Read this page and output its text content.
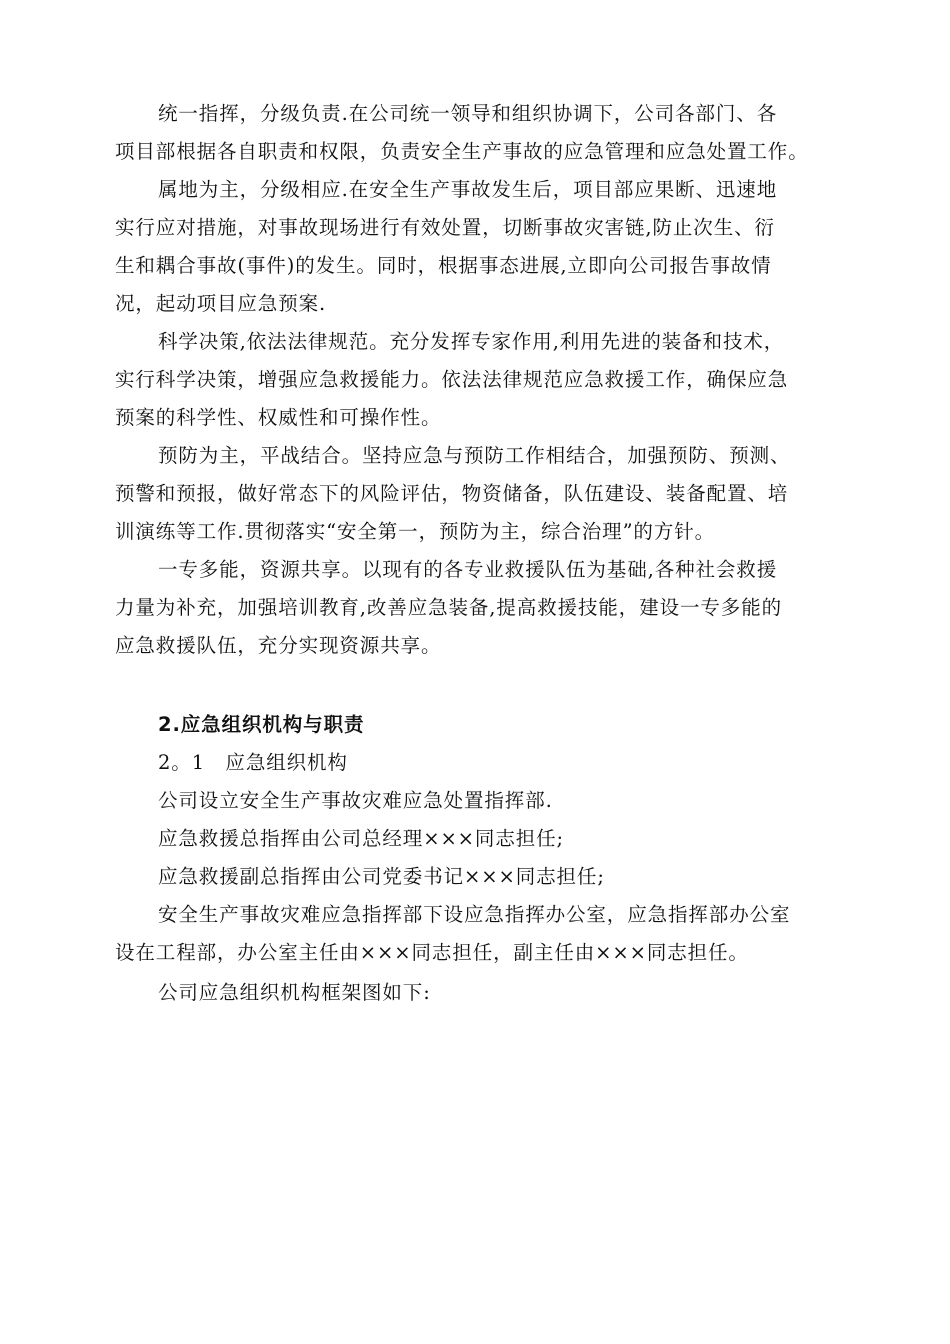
统一指挥，分级负责.在公司统一领导和组织协调下，公司各部门、各
项目部根据各自职责和权限，负责安全生产事故的应急管理和应急处置工作。
属地为主，分级相应.在安全生产事故发生后，项目部应果断、迅速地
实行应对措施，对事故现场进行有效处置，切断事故灾害链,防止次生、衍
生和耦合事故(事件)的发生。同时，根据事态进展,立即向公司报告事故情
况，起动项目应急预案.
科学决策,依法法律规范。充分发挥专家作用,利用先进的装备和技术，
实行科学决策，增强应急救援能力。依法法律规范应急救援工作，确保应急
预案的科学性、权威性和可操作性。
预防为主，平战结合。坚持应急与预防工作相结合，加强预防、预测、
预警和预报，做好常态下的风险评估，物资储备，队伍建设、装备配置、培
训演练等工作.贯彻落实“安全第一，预防为主，综合治理”的方针。
一专多能，资源共享。以现有的各专业救援队伍为基础,各种社会救援
力量为补充，加强培训教育,改善应急装备,提高救援技能，建设一专多能的
应急救援队伍，充分实现资源共享。
2.应急组织机构与职责
2。1　应急组织机构
公司设立安全生产事故灾难应急处置指挥部.
应急救援总指挥由公司总经理×××同志担任;
应急救援副总指挥由公司党委书记×××同志担任;
安全生产事故灾难应急指挥部下设应急指挥办公室，应急指挥部办公室
设在工程部，办公室主任由×××同志担任，副主任由×××同志担任。
公司应急组织机构框架图如下:
